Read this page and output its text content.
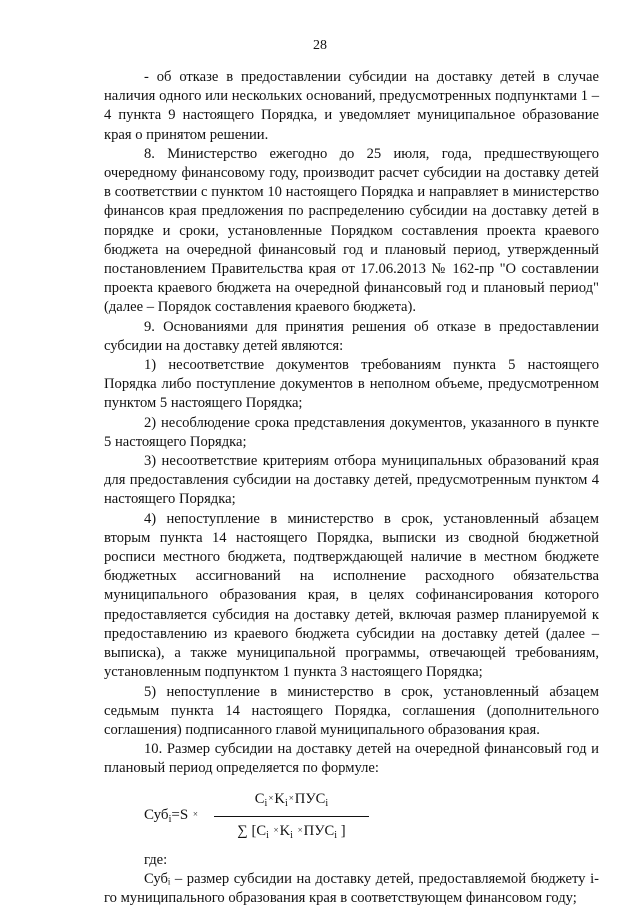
28

- об отказе в предоставлении субсидии на доставку детей в случае наличия одного или нескольких оснований, предусмотренных подпунктами 1 – 4 пункта 9 настоящего Порядка, и уведомляет муниципальное образование края о принятом решении.

8. Министерство ежегодно до 25 июля, года, предшествующего очередному финансовому году, производит расчет субсидии на доставку детей в соответствии с пунктом 10 настоящего Порядка и направляет в министерство финансов края предложения по распределению субсидии на доставку детей в порядке и сроки, установленные Порядком составления проекта краевого бюджета на очередной финансовый год и плановый период, утвержденный постановлением Правительства края от 17.06.2013 № 162-пр "О составлении проекта краевого бюджета на очередной финансовый год и плановый период" (далее – Порядок составления краевого бюджета).

9. Основаниями для принятия решения об отказе в предоставлении субсидии на доставку детей являются:

1) несоответствие документов требованиям пункта 5 настоящего Порядка либо поступление документов в неполном объеме, предусмотренном пунктом 5 настоящего Порядка;

2) несоблюдение срока представления документов, указанного в пункте 5 настоящего Порядка;

3) несоответствие критериям отбора муниципальных образований края для предоставления субсидии на доставку детей, предусмотренным пунктом 4 настоящего Порядка;

4) непоступление в министерство в срок, установленный абзацем вторым пункта 14 настоящего Порядка, выписки из сводной бюджетной росписи местного бюджета, подтверждающей наличие в местном бюджете бюджетных ассигнований на исполнение расходного обязательства муниципального образования края, в целях софинансирования которого предоставляется субсидия на доставку детей, включая размер планируемой к предоставлению из краевого бюджета субсидии на доставку детей (далее – выписка), а также муниципальной программы, отвечающей требованиям, установленным подпунктом 1 пункта 3 настоящего Порядка;

5) непоступление в министерство в срок, установленный абзацем седьмым пункта 14 настоящего Порядка, соглашения (дополнительного соглашения) подписанного главой муниципального образования края.

10. Размер субсидии на доставку детей на очередной финансовый год и плановый период определяется по формуле:

Суб$_i$=S ×
$C_i\times K_i\times ПУС_i$
∑ [$C_i \times K_i \times ПУС_i$ ]

где:

Субᵢ – размер субсидии на доставку детей, предоставляемой бюджету i-го муниципального образования края в соответствующем финансовом году;
